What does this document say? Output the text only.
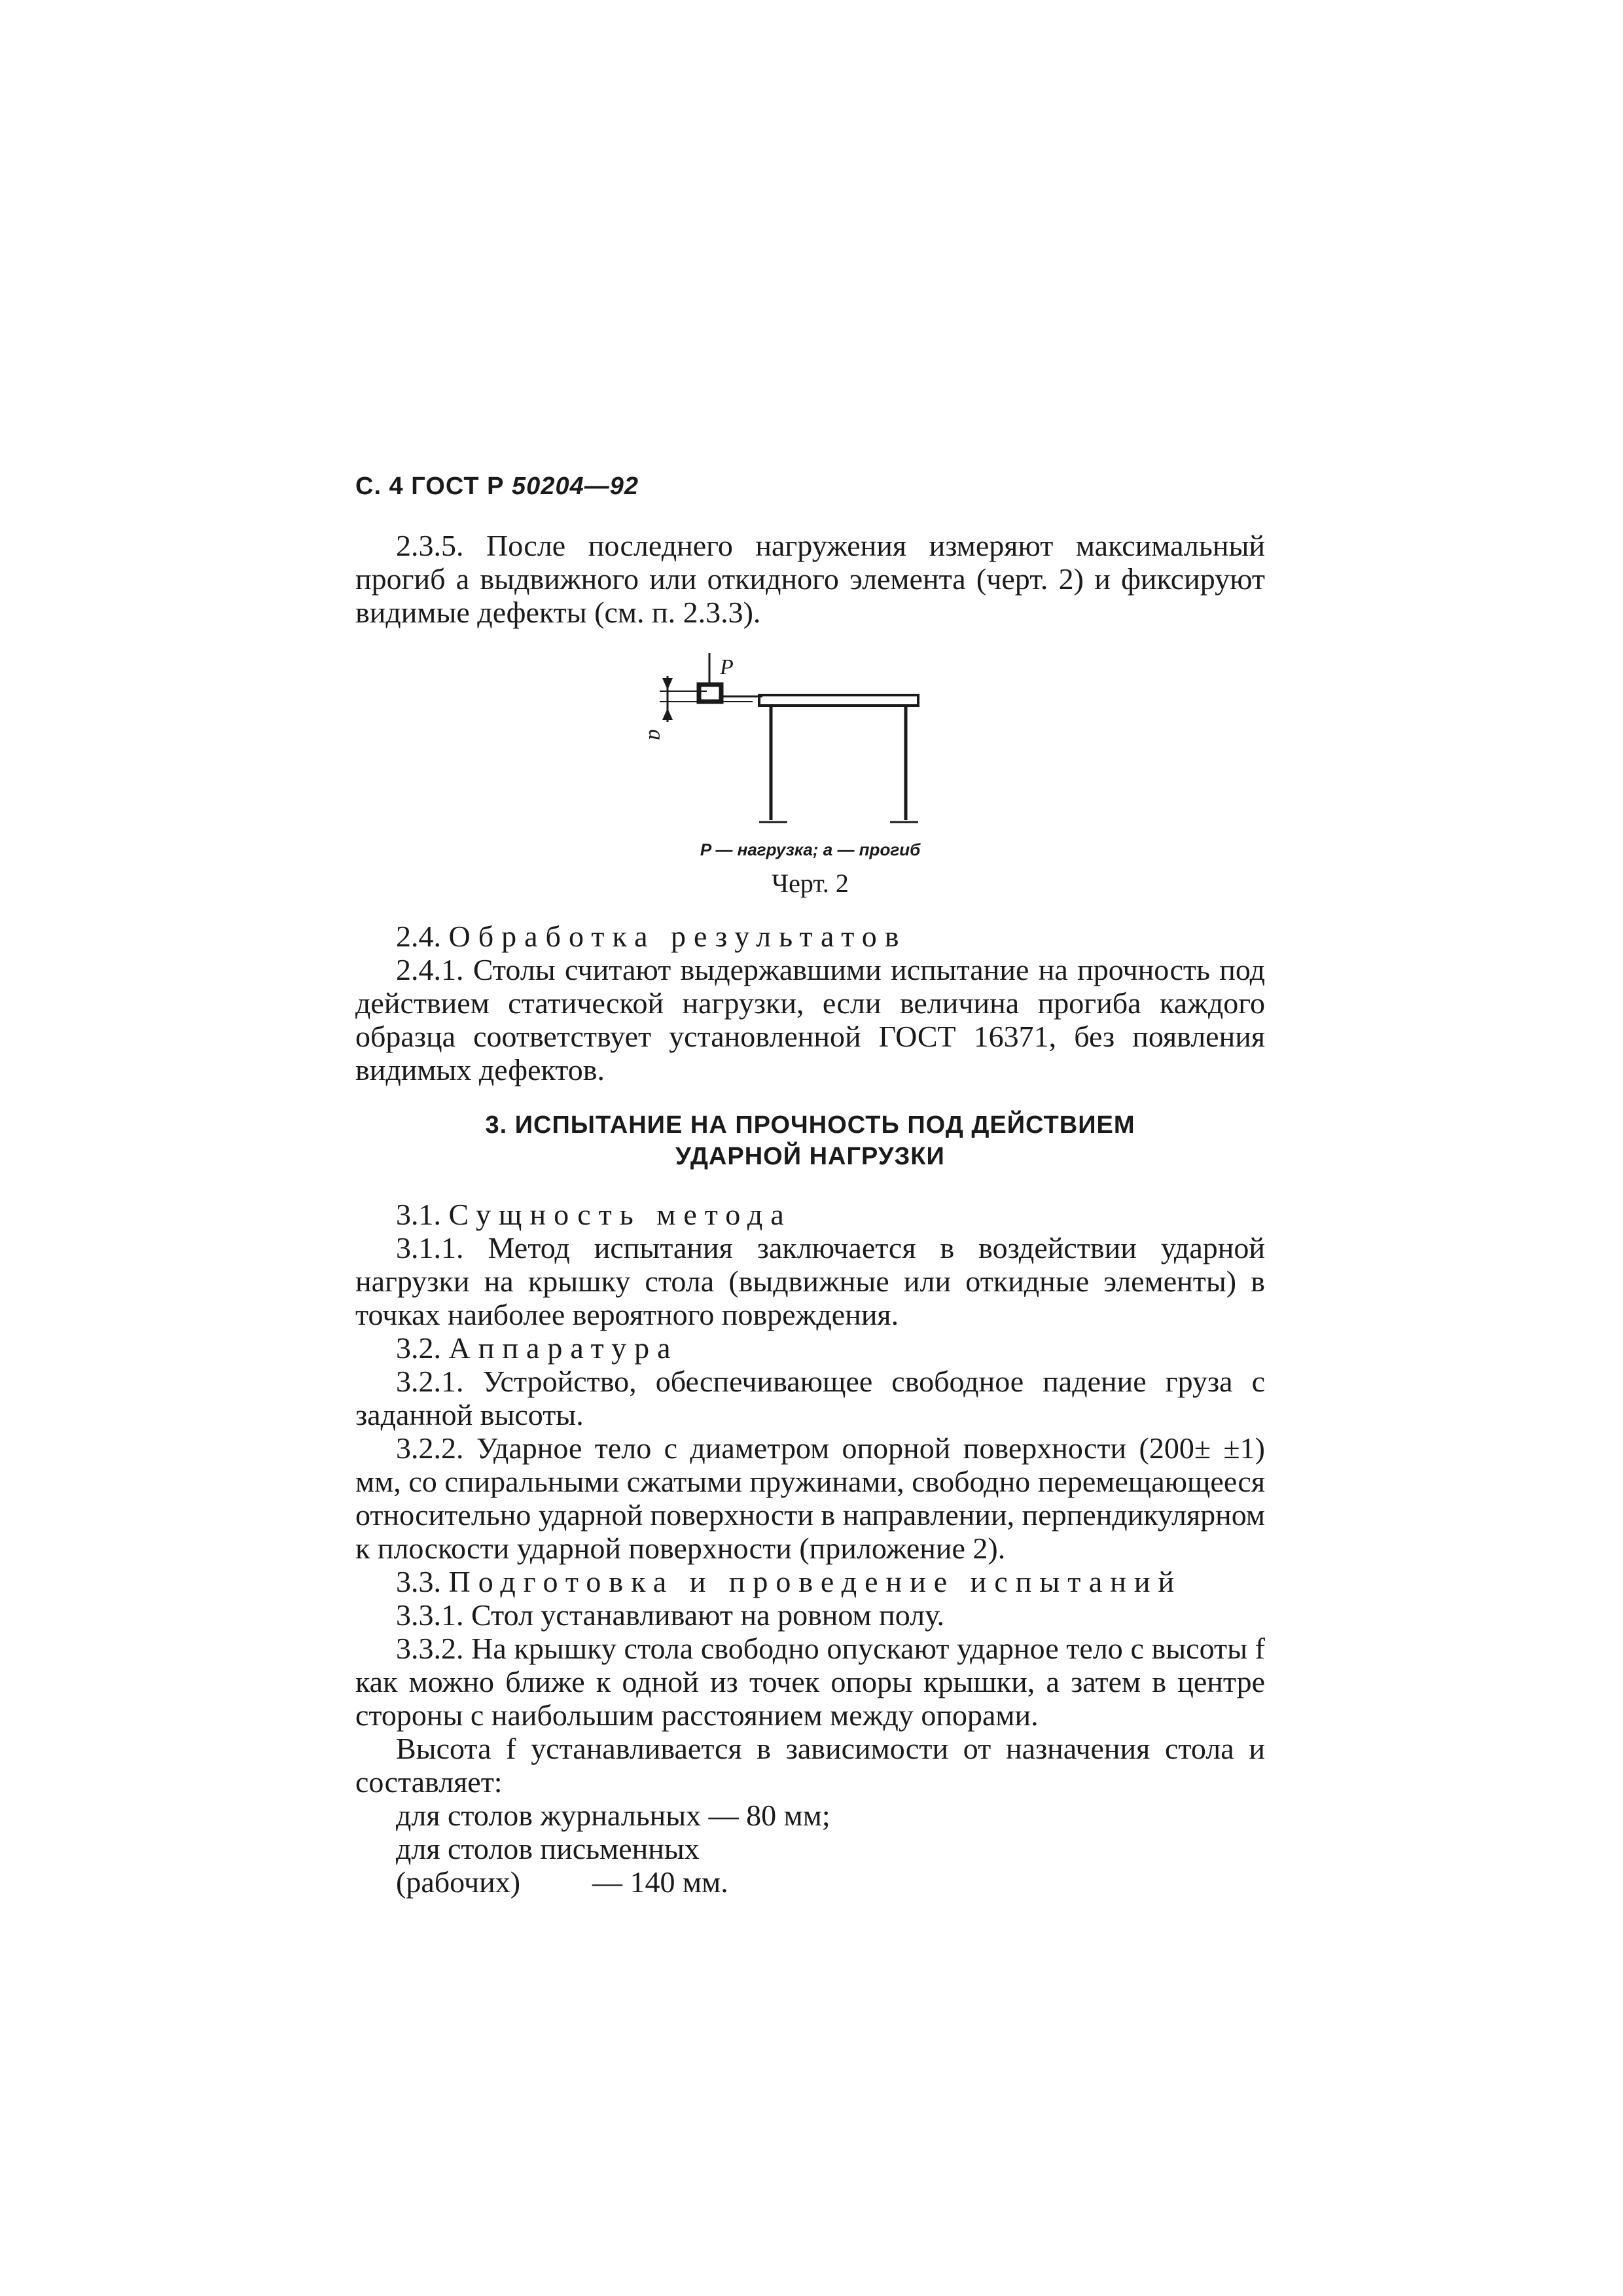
С. 4 ГОСТ Р 50204—92

2.3.5. После последнего нагружения измеряют максимальный прогиб a выдвижного или откидного элемента (черт. 2) и фиксируют видимые дефекты (см. п. 2.3.3).

a
P
P — нагрузка; a — прогиб
Черт. 2

2.4. Обработка результатов

2.4.1. Столы считают выдержавшими испытание на прочность под действием статической нагрузки, если величина прогиба каждого образца соответствует установленной ГОСТ 16371, без появления видимых дефектов.

3. ИСПЫТАНИЕ НА ПРОЧНОСТЬ ПОД ДЕЙСТВИЕМ
УДАРНОЙ НАГРУЗКИ

3.1. Сущность метода

3.1.1. Метод испытания заключается в воздействии ударной нагрузки на крышку стола (выдвижные или откидные элементы) в точках наиболее вероятного повреждения.

3.2. Аппаратура

3.2.1. Устройство, обеспечивающее свободное падение груза с заданной высоты.

3.2.2. Ударное тело с диаметром опорной поверхности (200± ±1) мм, со спиральными сжатыми пружинами, свободно перемещающееся относительно ударной поверхности в направлении, перпендикулярном к плоскости ударной поверхности (приложение 2).

3.3. Подготовка и проведение испытаний

3.3.1. Стол устанавливают на ровном полу.

3.3.2. На крышку стола свободно опускают ударное тело с высоты f как можно ближе к одной из точек опоры крышки, а затем в центре стороны с наибольшим расстоянием между опорами.

Высота f устанавливается в зависимости от назначения стола и составляет:

для столов журнальных — 80 мм;
для столов письменных
(рабочих) — 140 мм.
